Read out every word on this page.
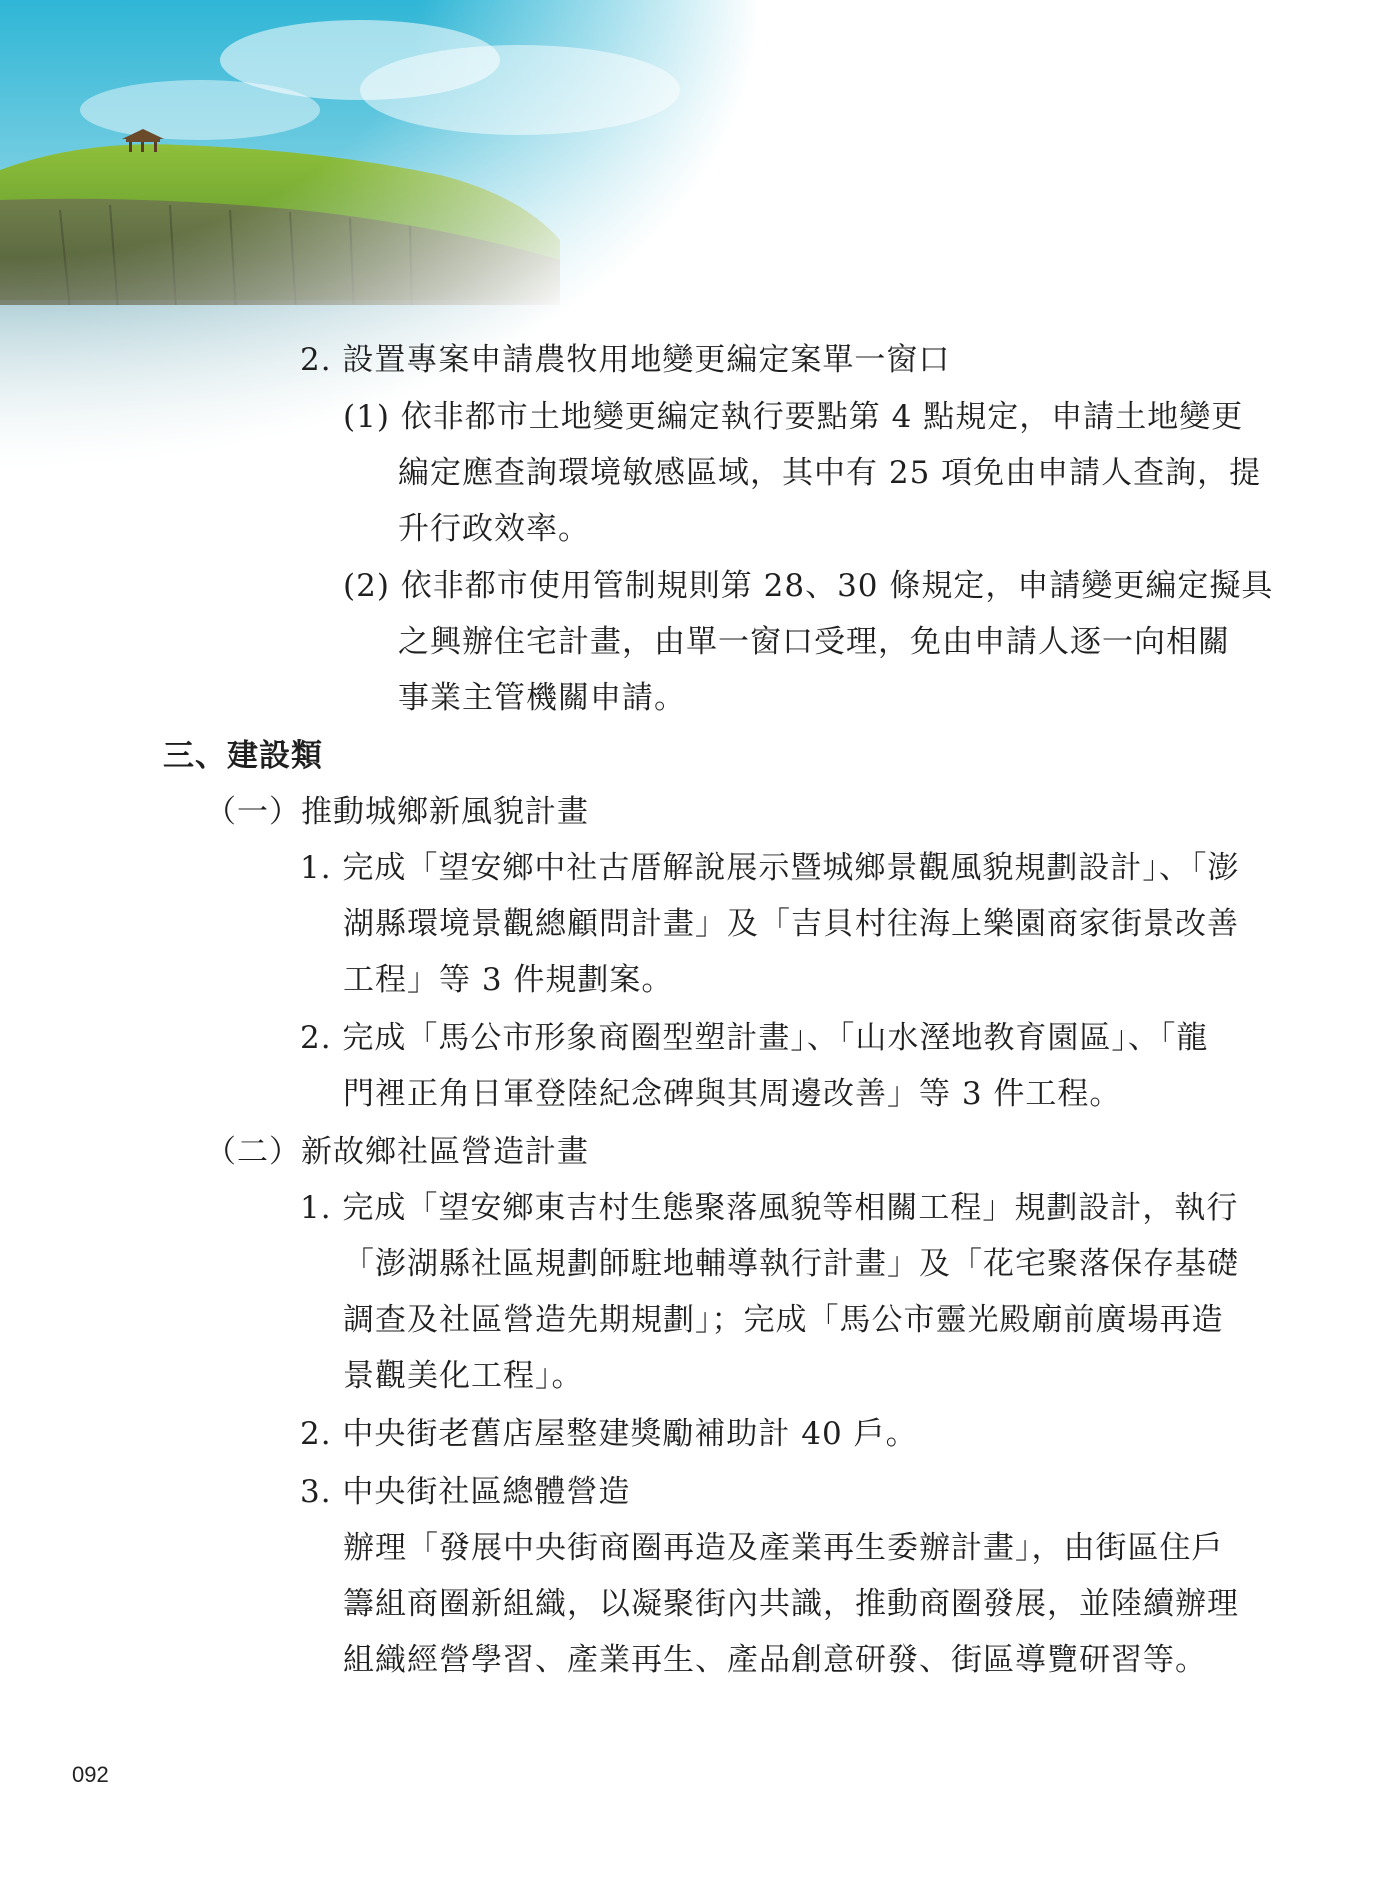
2. 設置專案申請農牧用地變更編定案單一窗口
(1) 依非都市土地變更編定執行要點第 4 點規定，申請土地變更
編定應查詢環境敏感區域，其中有 25 項免由申請人查詢，提
升行政效率。
(2) 依非都市使用管制規則第 28、30 條規定，申請變更編定擬具
之興辦住宅計畫，由單一窗口受理，免由申請人逐一向相關
事業主管機關申請。
三、建設類
（一）推動城鄉新風貌計畫
1. 完成「望安鄉中社古厝解說展示暨城鄉景觀風貌規劃設計」、「澎
湖縣環境景觀總顧問計畫」及「吉貝村往海上樂園商家街景改善
工程」等 3 件規劃案。
2. 完成「馬公市形象商圈型塑計畫」、「山水溼地教育園區」、「龍
門裡正角日軍登陸紀念碑與其周邊改善」等 3 件工程。
（二）新故鄉社區營造計畫
1. 完成「望安鄉東吉村生態聚落風貌等相關工程」規劃設計，執行
「澎湖縣社區規劃師駐地輔導執行計畫」及「花宅聚落保存基礎
調查及社區營造先期規劃」；完成「馬公市靈光殿廟前廣場再造
景觀美化工程」。
2. 中央街老舊店屋整建獎勵補助計 40 戶。
3. 中央街社區總體營造
辦理「發展中央街商圈再造及產業再生委辦計畫」，由街區住戶
籌組商圈新組織，以凝聚街內共識，推動商圈發展，並陸續辦理
組織經營學習、產業再生、產品創意研發、街區導覽研習等。
092
